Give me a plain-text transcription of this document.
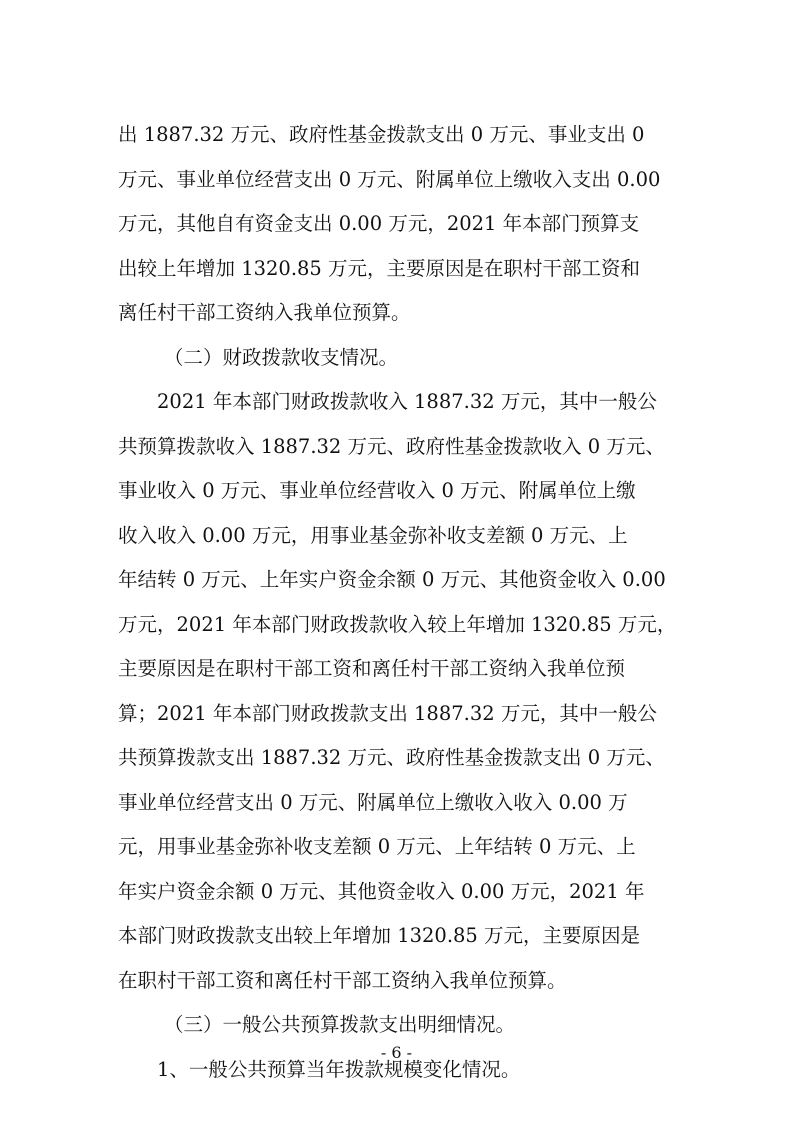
出 1887.32 万元、政府性基金拨款支出 0 万元、事业支出 0

万元、事业单位经营支出 0 万元、附属单位上缴收入支出 0.00

万元，其他自有资金支出 0.00 万元，2021 年本部门预算支

出较上年增加 1320.85 万元，主要原因是在职村干部工资和

离任村干部工资纳入我单位预算。

（二）财政拨款收支情况。

2021 年本部门财政拨款收入 1887.32 万元，其中一般公

共预算拨款收入 1887.32 万元、政府性基金拨款收入 0 万元、

事业收入 0 万元、事业单位经营收入 0 万元、附属单位上缴

收入收入 0.00 万元，用事业基金弥补收支差额 0 万元、上

年结转 0 万元、上年实户资金余额 0 万元、其他资金收入 0.00

万元，2021 年本部门财政拨款收入较上年增加 1320.85 万元，

主要原因是在职村干部工资和离任村干部工资纳入我单位预

算；2021 年本部门财政拨款支出 1887.32 万元，其中一般公

共预算拨款支出 1887.32 万元、政府性基金拨款支出 0 万元、

事业单位经营支出 0 万元、附属单位上缴收入收入 0.00 万

元，用事业基金弥补收支差额 0 万元、上年结转 0 万元、上

年实户资金余额 0 万元、其他资金收入 0.00 万元，2021 年

本部门财政拨款支出较上年增加 1320.85 万元，主要原因是

在职村干部工资和离任村干部工资纳入我单位预算。

（三）一般公共预算拨款支出明细情况。

1、一般公共预算当年拨款规模变化情况。

- 6 -
